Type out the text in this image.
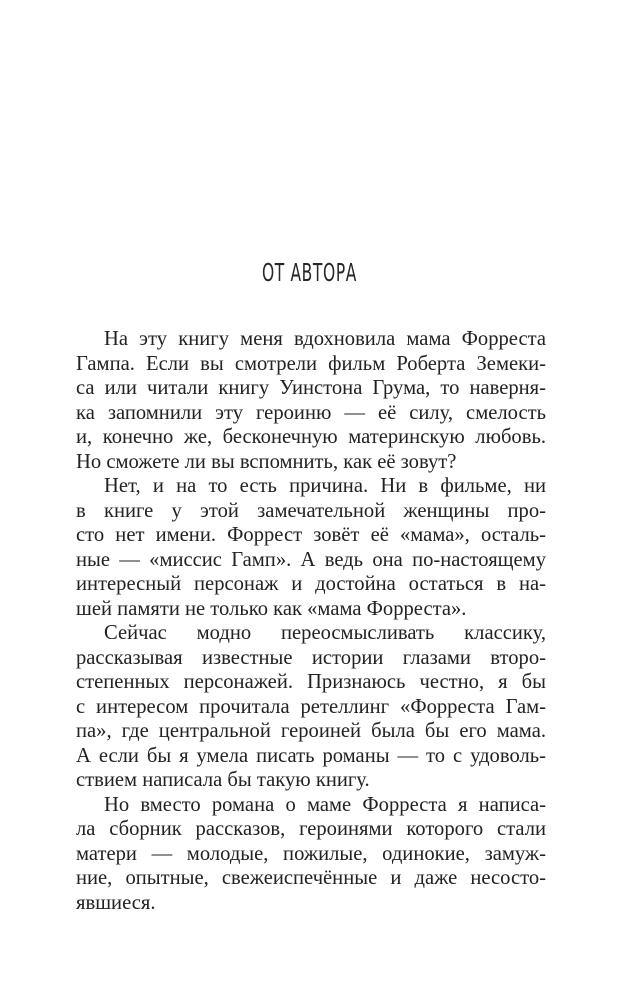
ОТ АВТОРА

На эту книгу меня вдохновила мама Форреста
Гампа. Если вы смотрели фильм Роберта Земеки-
са или читали книгу Уинстона Грума, то наверня-
ка запомнили эту героиню — её силу, смелость
и, конечно же, бесконечную материнскую любовь.
Но сможете ли вы вспомнить, как её зовут?

Нет, и на то есть причина. Ни в фильме, ни
в книге у этой замечательной женщины про-
сто нет имени. Форрест зовёт её «мама», осталь-
ные — «миссис Гамп». А ведь она по-настоящему
интересный персонаж и достойна остаться в на-
шей памяти не только как «мама Форреста».

Сейчас модно переосмысливать классику,
рассказывая известные истории глазами второ-
степенных персонажей. Признаюсь честно, я бы
с интересом прочитала ретеллинг «Форреста Гам-
па», где центральной героиней была бы его мама.
А если бы я умела писать романы — то с удоволь-
ствием написала бы такую книгу.

Но вместо романа о маме Форреста я написа-
ла сборник рассказов, героинями которого стали
матери — молодые, пожилые, одинокие, замуж-
ние, опытные, свежеиспечённые и даже несосто-
явшиеся.
